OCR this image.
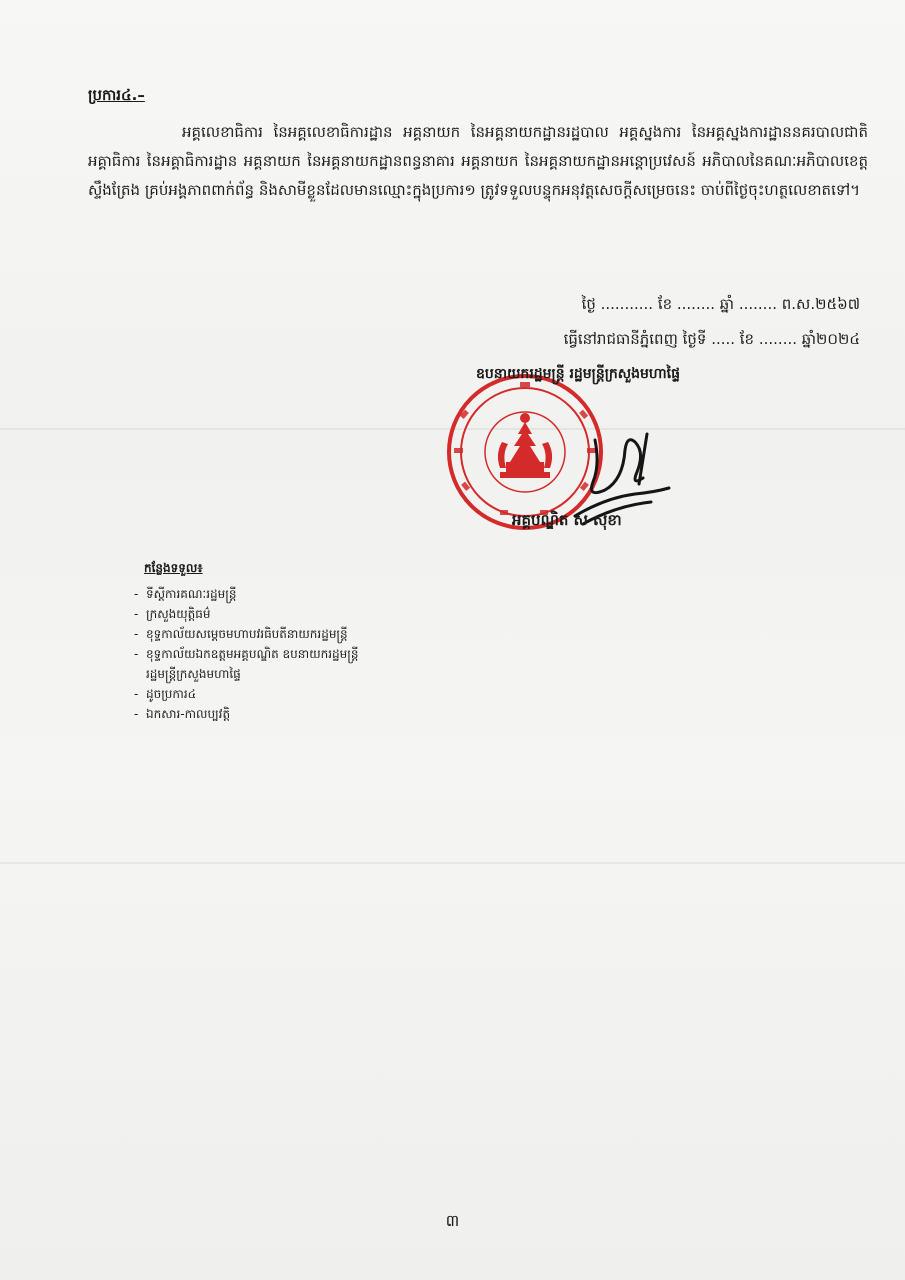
ប្រការ៤.–
អគ្គលេខាធិការ នៃអគ្គលេខាធិការដ្ឋាន អគ្គនាយក នៃអគ្គនាយកដ្ឋានរដ្ឋបាល អគ្គស្នងការ នៃអគ្គស្នងការដ្ឋាននគរបាលជាតិ អគ្គាធិការ នៃអគ្គាធិការដ្ឋាន អគ្គនាយក នៃអគ្គនាយកដ្ឋានពន្ធនាគារ អគ្គនាយក នៃអគ្គនាយកដ្ឋានអន្តោប្រវេសន៍ អភិបាលនៃគណៈអភិបាលខេត្តស្ទឹងត្រែង គ្រប់អង្គភាពពាក់ព័ន្ធ និងសាមីខ្លួនដែលមានឈ្មោះក្នុងប្រការ១ ត្រូវទទួលបន្ទុកអនុវត្តសេចក្តីសម្រេចនេះ ចាប់ពីថ្ងៃចុះហត្ថលេខាតទៅ។
ថ្ងៃ ........... ខែ ........ ឆ្នាំ ........ ព.ស.២៥៦៧
ធ្វើនៅរាជធានីភ្នំពេញ ថ្ងៃទី ..... ខែ ........ ឆ្នាំ២០២៤
ឧបនាយករដ្ឋមន្ត្រី រដ្ឋមន្ត្រីក្រសួងមហាផ្ទៃ
អគ្គបណ្ឌិត ស សុខា
កន្លែងទទួល៖
- ទីស្តីការគណៈរដ្ឋមន្ត្រី
- ក្រសួងយុត្តិធម៌
- ខុទ្ទកាល័យសម្តេចមហាបវរធិបតីនាយករដ្ឋមន្ត្រី
- ខុទ្ទកាល័យឯកឧត្តមអគ្គបណ្ឌិត ឧបនាយករដ្ឋមន្ត្រី
រដ្ឋមន្ត្រីក្រសួងមហាផ្ទៃ
- ដូចប្រការ៤
- ឯកសារ-កាលប្បវត្តិ
៣
